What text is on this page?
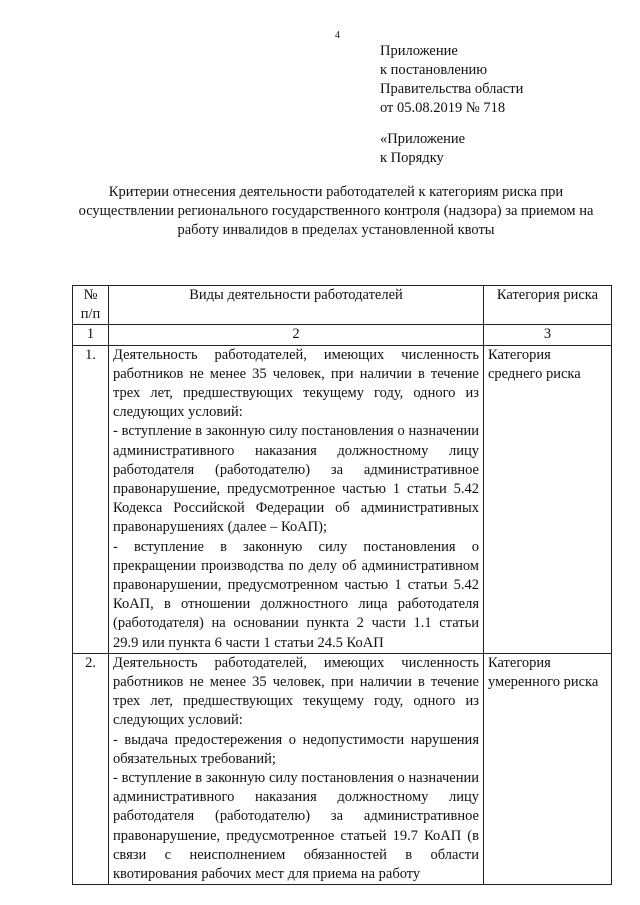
4
Приложение
к постановлению
Правительства области
от 05.08.2019 № 718
«Приложение
к Порядку
Критерии отнесения деятельности работодателей к категориям риска при осуществлении регионального государственного контроля (надзора) за приемом на работу инвалидов в пределах установленной квоты
№ п/п	Виды деятельности работодателей	Категория риска
1	2	3
1.	Деятельность работодателей, имеющих численность работников не менее 35 человек, при наличии в течение трех лет, предшествующих текущему году, одного из следующих условий:

- вступление в законную силу постановления о назначении административного наказания должностному лицу работодателя (работодателю) за административное правонарушение, предусмотренное частью 1 статьи 5.42 Кодекса Российской Федерации об административных правонарушениях (далее – КоАП);

- вступление в законную силу постановления о прекращении производства по делу об административном правонарушении, предусмотренном частью 1 статьи 5.42 КоАП, в отношении должностного лица работодателя (работодателя) на основании пункта 2 части 1.1 статьи 29.9 или пункта 6 части 1 статьи 24.5 КоАП	Категория среднего риска
2.	Деятельность работодателей, имеющих численность работников не менее 35 человек, при наличии в течение трех лет, предшествующих текущему году, одного из следующих условий:

- выдача предостережения о недопустимости нарушения обязательных требований;

- вступление в законную силу постановления о назначении административного наказания должностному лицу работодателя (работодателю) за административное правонарушение, предусмотренное статьей 19.7 КоАП (в связи с неисполнением обязанностей в области квотирования рабочих мест для приема на работу	Категория умеренного риска
